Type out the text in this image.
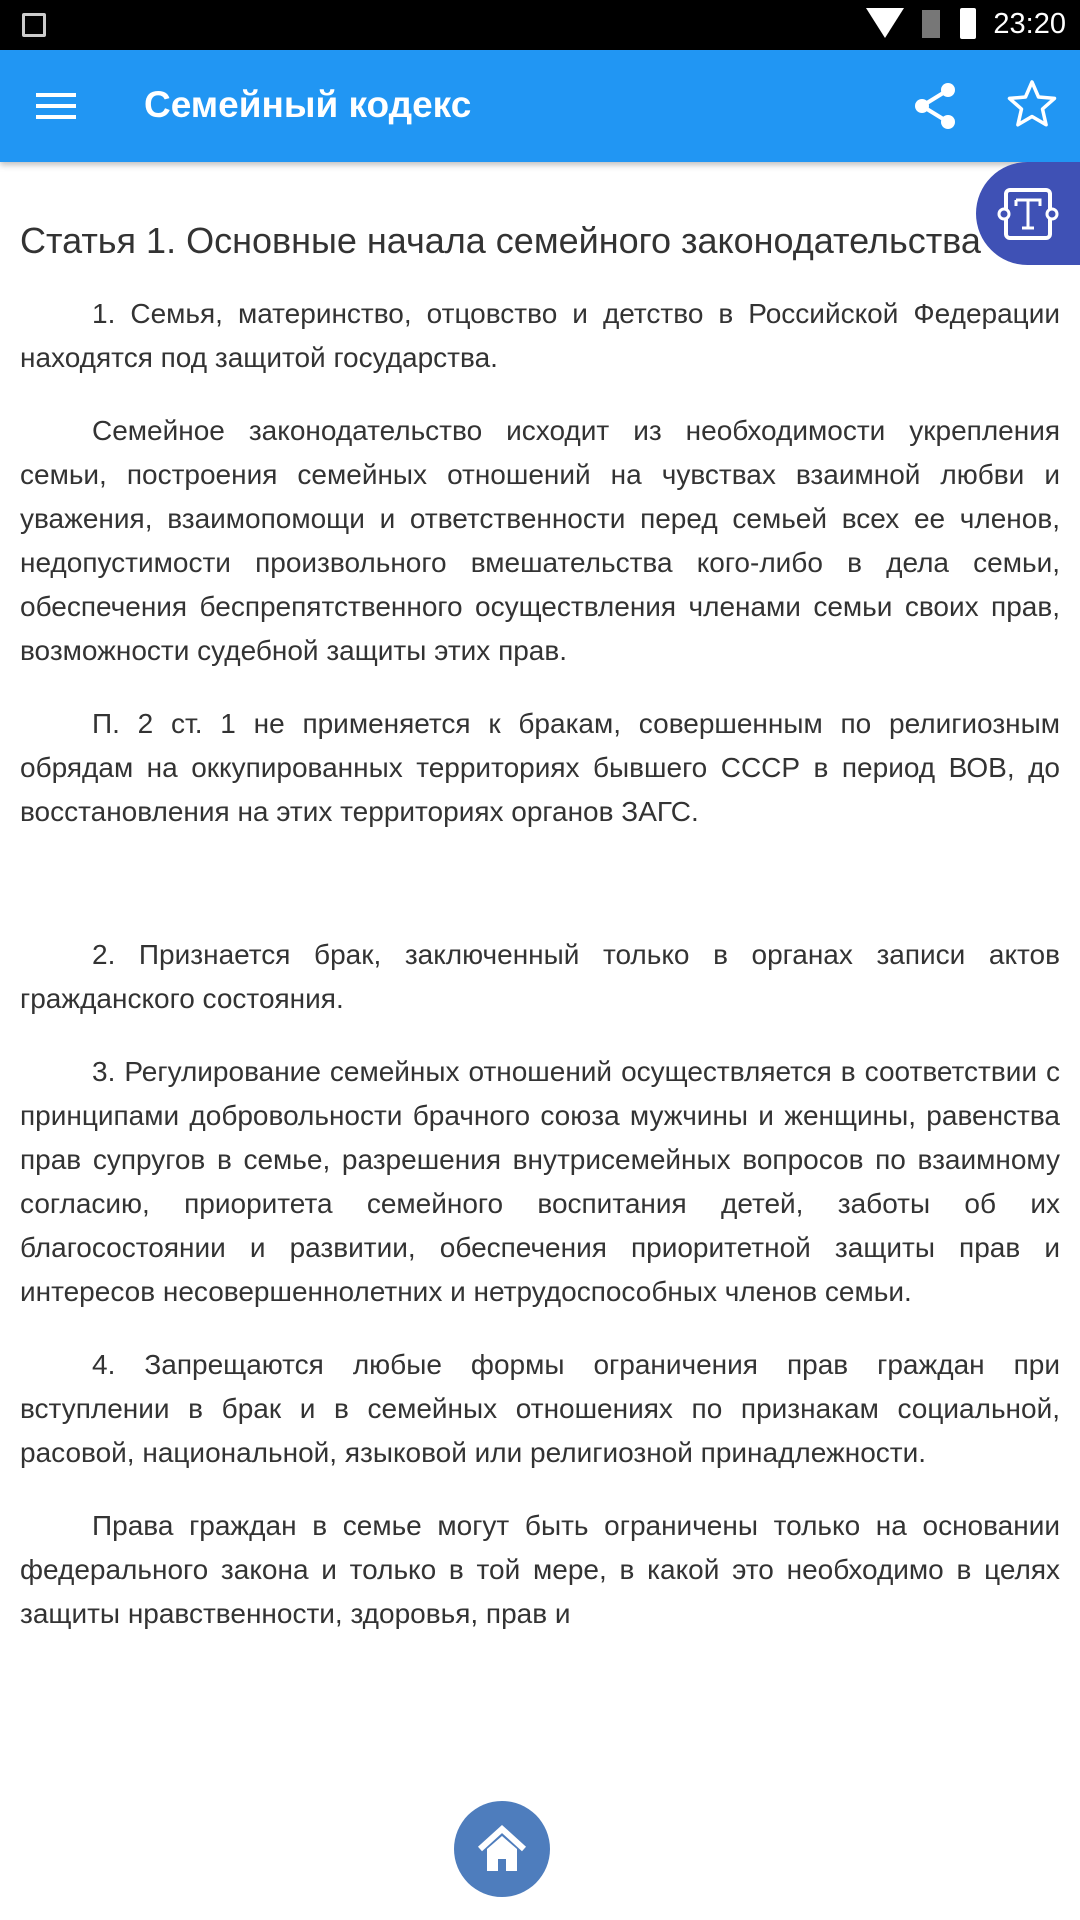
23:20
Семейный кодекс
Статья 1. Основные начала семейного законодательства

1. Семья, материнство, отцовство и детство в Российской Федерации находятся под защитой государства.

Семейное законодательство исходит из необходимости укрепления семьи, построения семейных отношений на чувствах взаимной любви и уважения, взаимопомощи и ответственности перед семьей всех ее членов, недопустимости произвольного вмешательства кого-либо в дела семьи, обеспечения беспрепятственного осуществления членами семьи своих прав, возможности судебной защиты этих прав.

П. 2 ст. 1 не применяется к бракам, совершенным по религиозным обрядам на оккупированных территориях бывшего СССР в период ВОВ, до восстановления на этих территориях органов ЗАГС.

2. Признается брак, заключенный только в органах записи актов гражданского состояния.

3. Регулирование семейных отношений осуществляется в соответствии с принципами добровольности брачного союза мужчины и женщины, равенства прав супругов в семье, разрешения внутрисемейных вопросов по взаимному согласию, приоритета семейного воспитания детей, заботы об их благосостоянии и развитии, обеспечения приоритетной защиты прав и интересов несовершеннолетних и нетрудоспособных членов семьи.

4. Запрещаются любые формы ограничения прав граждан при вступлении в брак и в семейных отношениях по признакам социальной, расовой, национальной, языковой или религиозной принадлежности.

Права граждан в семье могут быть ограничены только на основании федерального закона и только в той мере, в какой это необходимо в целях защиты нравственности, здоровья, прав и
